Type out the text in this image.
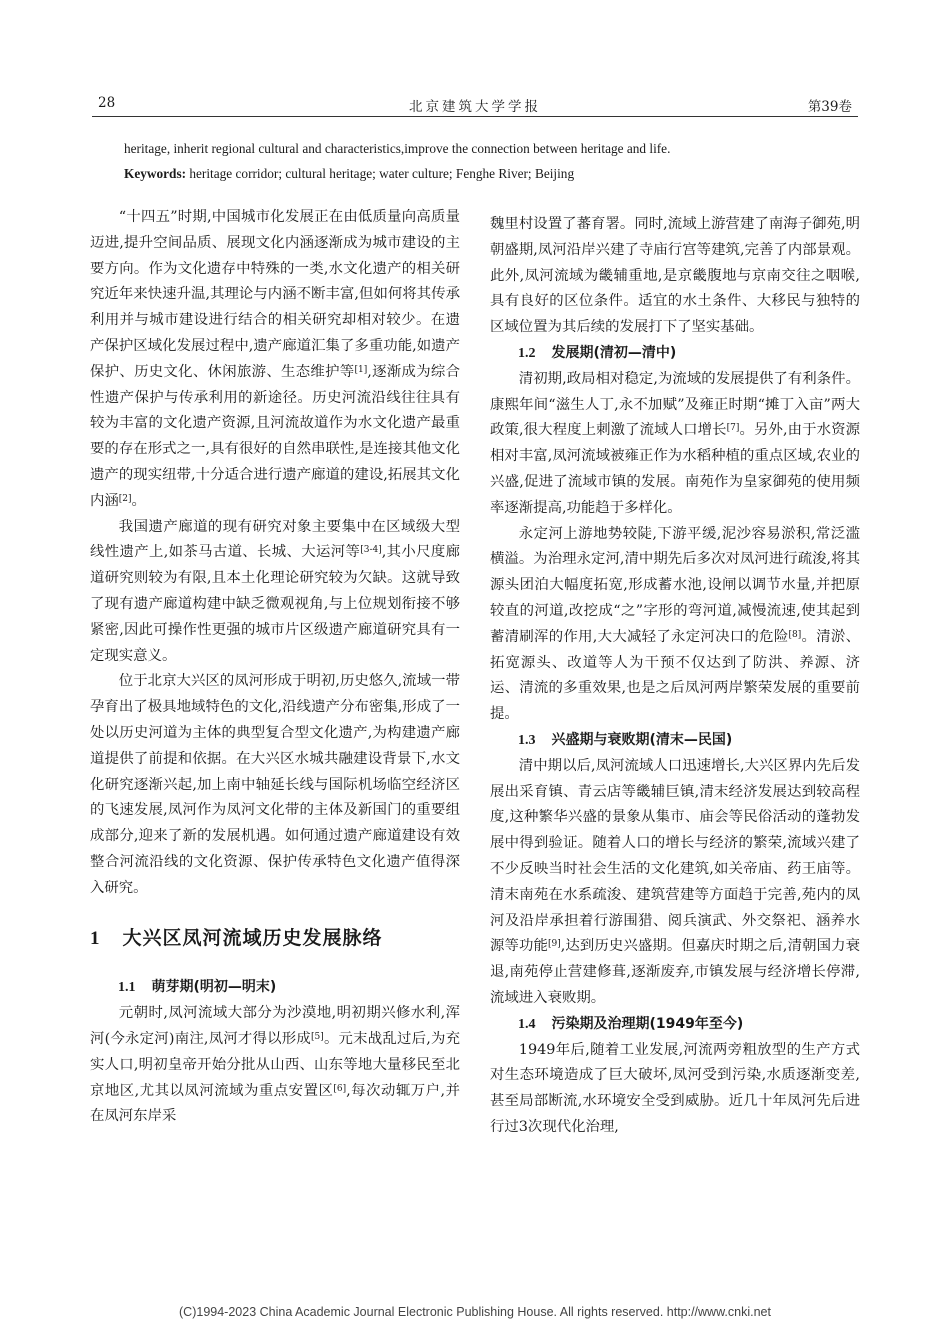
28	北京建筑大学学报	第39卷
heritage, inherit regional cultural and characteristics,improve the connection between heritage and life.
Keywords: heritage corridor; cultural heritage; water culture; Fenghe River; Beijing

“十四五”时期,中国城市化发展正在由低质量向高质量迈进,提升空间品质、展现文化内涵逐渐成为城市建设的主要方向。作为文化遗存中特殊的一类,水文化遗产的相关研究近年来快速升温,其理论与内涵不断丰富,但如何将其传承利用并与城市建设进行结合的相关研究却相对较少。在遗产保护区域化发展过程中,遗产廊道汇集了多重功能,如遗产保护、历史文化、休闲旅游、生态维护等[1],逐渐成为综合性遗产保护与传承利用的新途径。历史河流沿线往往具有较为丰富的文化遗产资源,且河流故道作为水文化遗产最重要的存在形式之一,具有很好的自然串联性,是连接其他文化遗产的现实纽带,十分适合进行遗产廊道的建设,拓展其文化内涵[2]。

我国遗产廊道的现有研究对象主要集中在区域级大型线性遗产上,如茶马古道、长城、大运河等[3-4],其小尺度廊道研究则较为有限,且本土化理论研究较为欠缺。这就导致了现有遗产廊道构建中缺乏微观视角,与上位规划衔接不够紧密,因此可操作性更强的城市片区级遗产廊道研究具有一定现实意义。

位于北京大兴区的凤河形成于明初,历史悠久,流域一带孕育出了极具地域特色的文化,沿线遗产分布密集,形成了一处以历史河道为主体的典型复合型文化遗产,为构建遗产廊道提供了前提和依据。在大兴区水城共融建设背景下,水文化研究逐渐兴起,加上南中轴延长线与国际机场临空经济区的飞速发展,凤河作为凤河文化带的主体及新国门的重要组成部分,迎来了新的发展机遇。如何通过遗产廊道建设有效整合河流沿线的文化资源、保护传承特色文化遗产值得深入研究。

1 大兴区凤河流域历史发展脉络

1.1 萌芽期(明初—明末)

元朝时,凤河流域大部分为沙漠地,明初期兴修水利,浑河(今永定河)南注,凤河才得以形成[5]。元末战乱过后,为充实人口,明初皇帝开始分批从山西、山东等地大量移民至北京地区,尤其以凤河流域为重点安置区[6],每次动辄万户,并在凤河东岸采

魏里村设置了蕃育署。同时,流域上游营建了南海子御苑,明朝盛期,凤河沿岸兴建了寺庙行宫等建筑,完善了内部景观。此外,凤河流域为畿辅重地,是京畿腹地与京南交往之咽喉,具有良好的区位条件。适宜的水土条件、大移民与独特的区域位置为其后续的发展打下了坚实基础。

1.2 发展期(清初—清中)

清初期,政局相对稳定,为流域的发展提供了有利条件。康熙年间“滋生人丁,永不加赋”及雍正时期“摊丁入亩”两大政策,很大程度上刺激了流域人口增长[7]。另外,由于水资源相对丰富,凤河流域被雍正作为水稻种植的重点区域,农业的兴盛,促进了流域市镇的发展。南苑作为皇家御苑的使用频率逐渐提高,功能趋于多样化。

永定河上游地势较陡,下游平缓,泥沙容易淤积,常泛滥横溢。为治理永定河,清中期先后多次对凤河进行疏浚,将其源头团泊大幅度拓宽,形成蓄水池,设闸以调节水量,并把原较直的河道,改挖成“之”字形的弯河道,减慢流速,使其起到蓄清刷浑的作用,大大减轻了永定河决口的危险[8]。清淤、拓宽源头、改道等人为干预不仅达到了防洪、养源、济运、清流的多重效果,也是之后凤河两岸繁荣发展的重要前提。

1.3 兴盛期与衰败期(清末—民国)

清中期以后,凤河流域人口迅速增长,大兴区界内先后发展出采育镇、青云店等畿辅巨镇,清末经济发展达到较高程度,这种繁华兴盛的景象从集市、庙会等民俗活动的蓬勃发展中得到验证。随着人口的增长与经济的繁荣,流域兴建了不少反映当时社会生活的文化建筑,如关帝庙、药王庙等。清末南苑在水系疏浚、建筑营建等方面趋于完善,苑内的凤河及沿岸承担着行游围猎、阅兵演武、外交祭祀、涵养水源等功能[9],达到历史兴盛期。但嘉庆时期之后,清朝国力衰退,南苑停止营建修葺,逐渐废弃,市镇发展与经济增长停滞,流域进入衰败期。

1.4 污染期及治理期(1949年至今)

1949年后,随着工业发展,河流两旁粗放型的生产方式对生态环境造成了巨大破坏,凤河受到污染,水质逐渐变差,甚至局部断流,水环境安全受到威胁。近几十年凤河先后进行过3次现代化治理,

(C)1994-2023 China Academic Journal Electronic Publishing House. All rights reserved. http://www.cnki.net
